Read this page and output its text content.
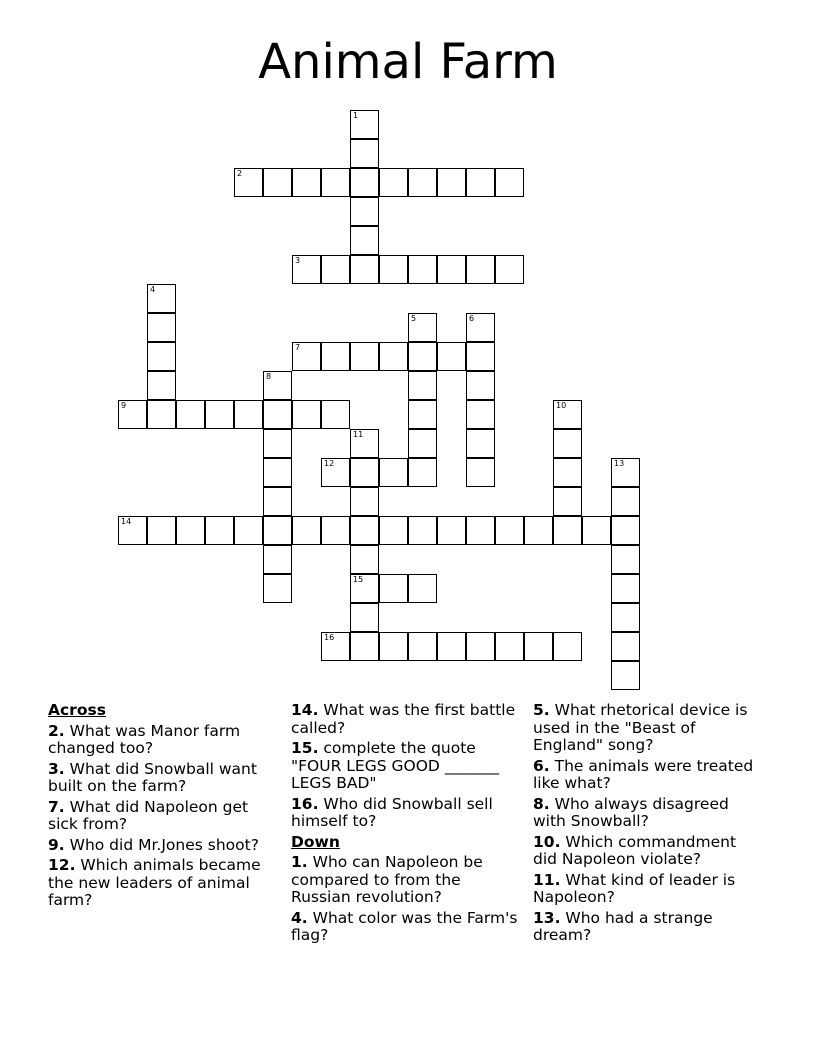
Animal Farm
1
2
3
4
5	6
7
8
9	10
11
12	13
14
15
16
Across
2. What was Manor farm changed too?
3. What did Snowball want built on the farm?
7. What did Napoleon get sick from?
9. Who did Mr.Jones shoot?
12. Which animals became the new leaders of animal farm?
14. What was the first battle called?
15. complete the quote "FOUR LEGS GOOD _______ LEGS BAD"
16. Who did Snowball sell himself to?
Down
1. Who can Napoleon be compared to from the Russian revolution?
4. What color was the Farm's flag?
5. What rhetorical device is used in the "Beast of England" song?
6. The animals were treated like what?
8. Who always disagreed with Snowball?
10. Which commandment did Napoleon violate?
11. What kind of leader is Napoleon?
13. Who had a strange dream?
